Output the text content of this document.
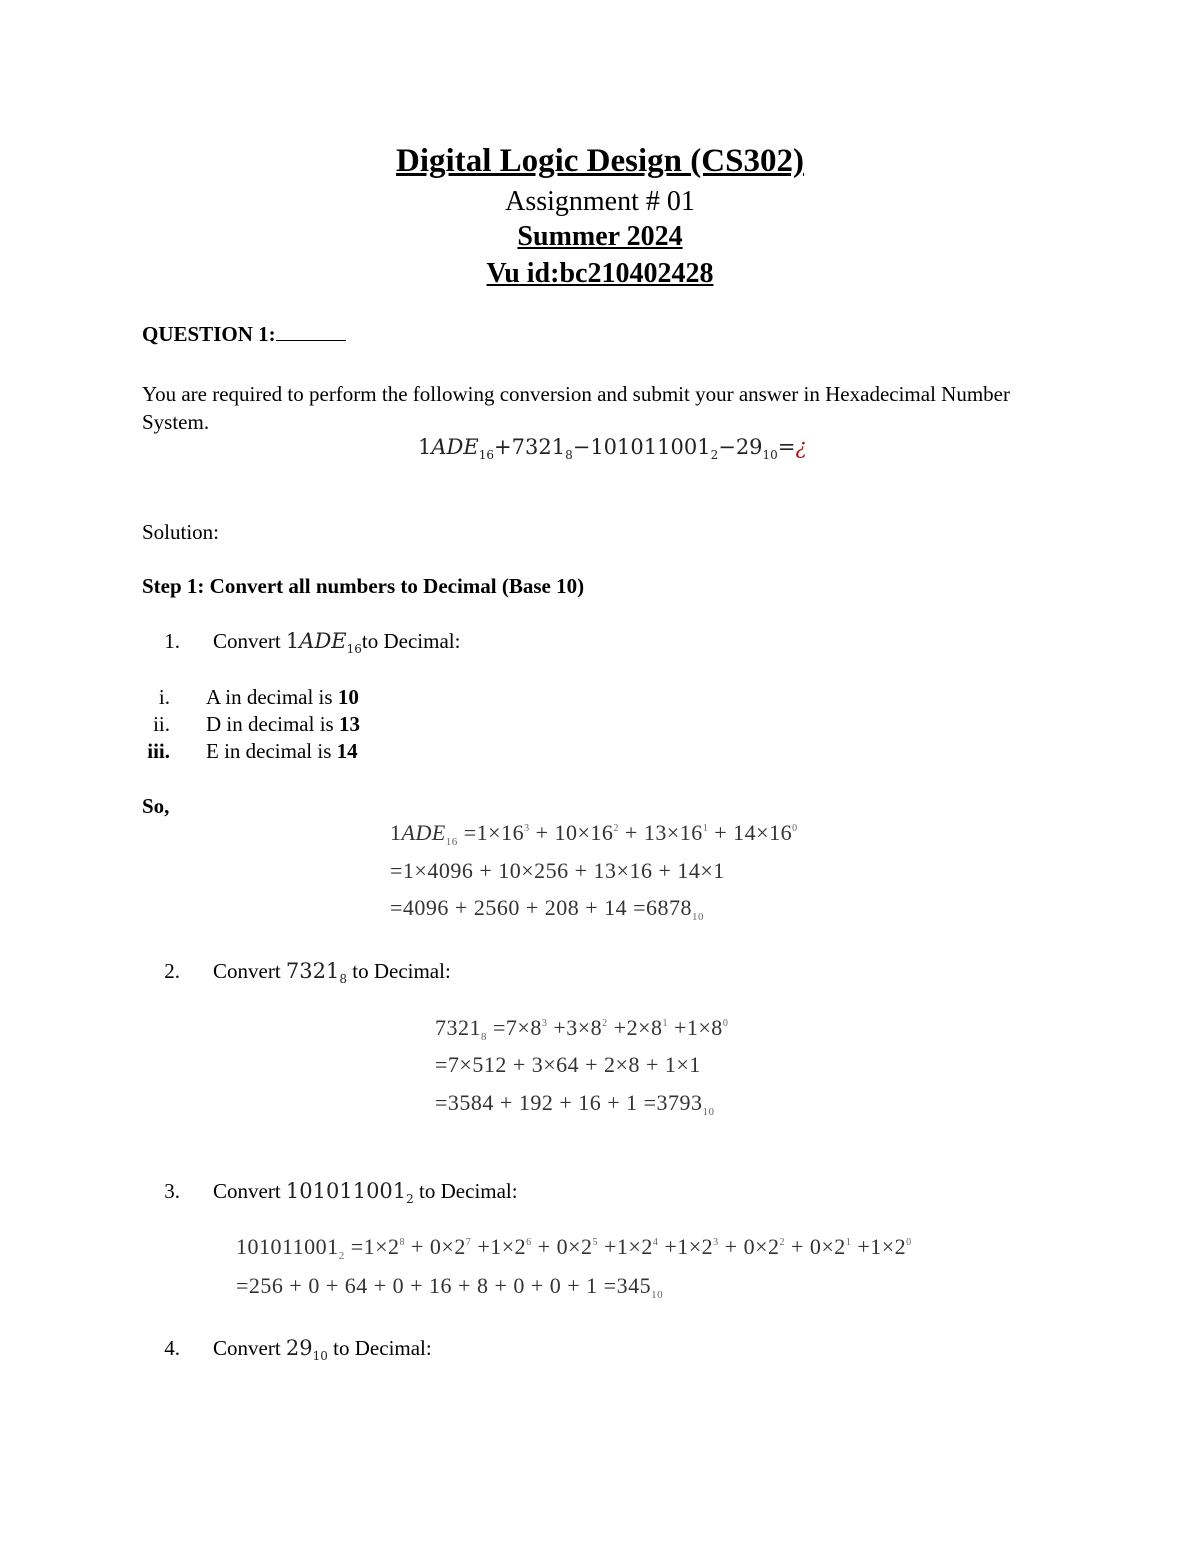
Digital Logic Design (CS302)
Assignment # 01
Summer 2024
Vu id:bc210402428
QUESTION 1:
You are required to perform the following conversion and submit your answer in Hexadecimal Number System.
$1ADE_{16}+7321_8-101011001_2-29_{10}=¿$
Solution:
Step 1: Convert all numbers to Decimal (Base 10)
1. Convert $1ADE_{16}to$ Decimal:
i. A in decimal is 10
ii. D in decimal is 13
iii. E in decimal is 14
So,
$1ADE_{16} =1\times 16^3 + 10\times 16^2 + 13\times 16^1 + 14\times 16^0$
=1×4096 + 10×256 + 13×16 + 14×1
$=4096 + 2560 + 208 + 14 =6878_{10}$
2. Convert $7321_8$ to Decimal:
$7321_8 =7\times 8^3 +3\times 8^2 +2\times 8^1 +1\times 8^0$
=7×512 + 3×64 + 2×8 + 1×1
$=3584 + 192 + 16 + 1 =3793_{10}$
3. Convert $101011001_2$ to Decimal:
$101011001_2 =1\times 2^8 + 0\times 2^7 +1\times 2^6 + 0\times 2^5 +1\times 2^4 +1\times 2^3 + 0\times 2^2 + 0\times 2^1 +1\times 2^0$
$=256 + 0 + 64 + 0 + 16 + 8 + 0 + 0 + 1 =345_{10}$
4. Convert $29_{10}$ to Decimal:
